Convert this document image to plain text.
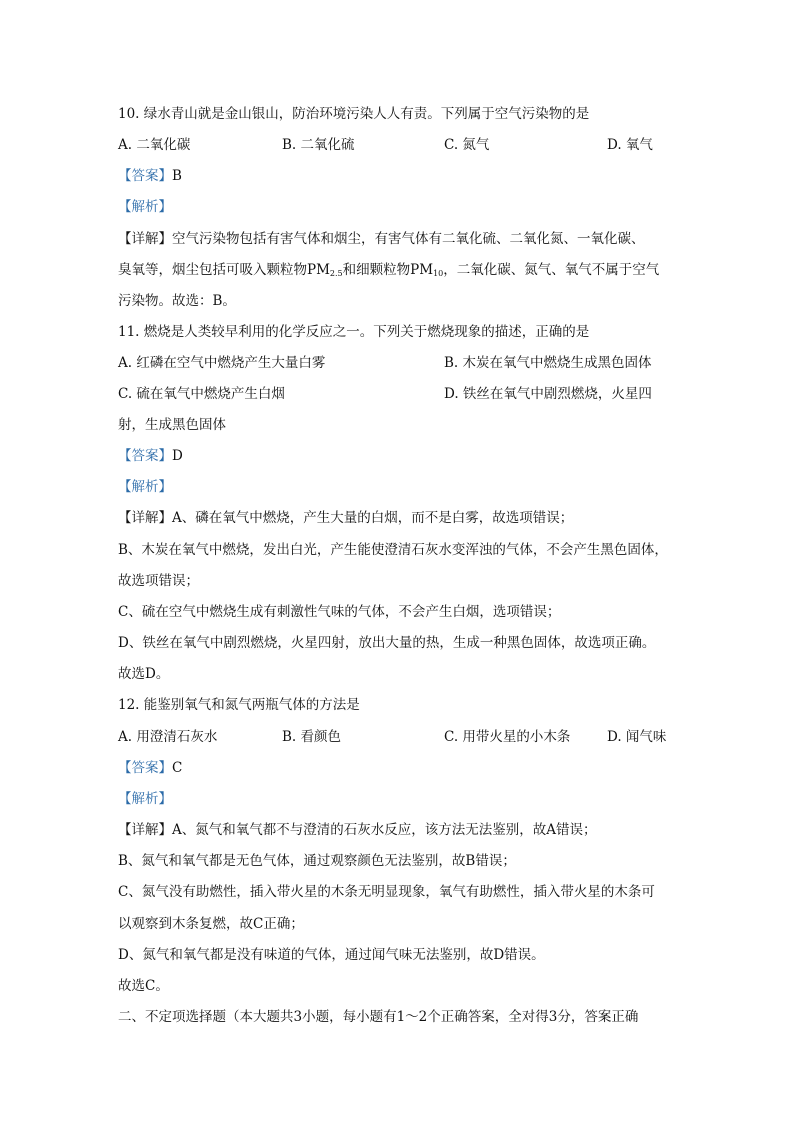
10. 绿水青山就是金山银山，防治环境污染人人有责。下列属于空气污染物的是
A. 二氧化碳	B. 二氧化硫	C. 氮气	D. 氧气
【答案】B
【解析】
【详解】空气污染物包括有害气体和烟尘，有害气体有二氧化硫、二氧化氮、一氧化碳、
臭氧等，烟尘包括可吸入颗粒物$PM_{2.5}$和细颗粒物$PM_{10}$，二氧化碳、氮气、氧气不属于空气
污染物。故选：B。
11. 燃烧是人类较早利用的化学反应之一。下列关于燃烧现象的描述，正确的是
A. 红磷在空气中燃烧产生大量白雾	B. 木炭在氧气中燃烧生成黑色固体
C. 硫在氧气中燃烧产生白烟	D. 铁丝在氧气中剧烈燃烧，火星四
射，生成黑色固体
【答案】D
【解析】
【详解】A、磷在氧气中燃烧，产生大量的白烟，而不是白雾，故选项错误；
B、木炭在氧气中燃烧，发出白光，产生能使澄清石灰水变浑浊的气体，不会产生黑色固体，
故选项错误；
C、硫在空气中燃烧生成有刺激性气味的气体，不会产生白烟，选项错误；
D、铁丝在氧气中剧烈燃烧，火星四射，放出大量的热，生成一种黑色固体，故选项正确。
故选D。
12. 能鉴别氧气和氮气两瓶气体的方法是
A. 用澄清石灰水	B. 看颜色	C. 用带火星的小木条	D. 闻气味
【答案】C
【解析】
【详解】A、氮气和氧气都不与澄清的石灰水反应，该方法无法鉴别，故A错误；
B、氮气和氧气都是无色气体，通过观察颜色无法鉴别，故B错误；
C、氮气没有助燃性，插入带火星的木条无明显现象，氧气有助燃性，插入带火星的木条可
以观察到木条复燃，故C正确；
D、氮气和氧气都是没有味道的气体，通过闻气味无法鉴别，故D错误。
故选C。
二、不定项选择题（本大题共3小题，每小题有1～2个正确答案，全对得3分，答案正确
